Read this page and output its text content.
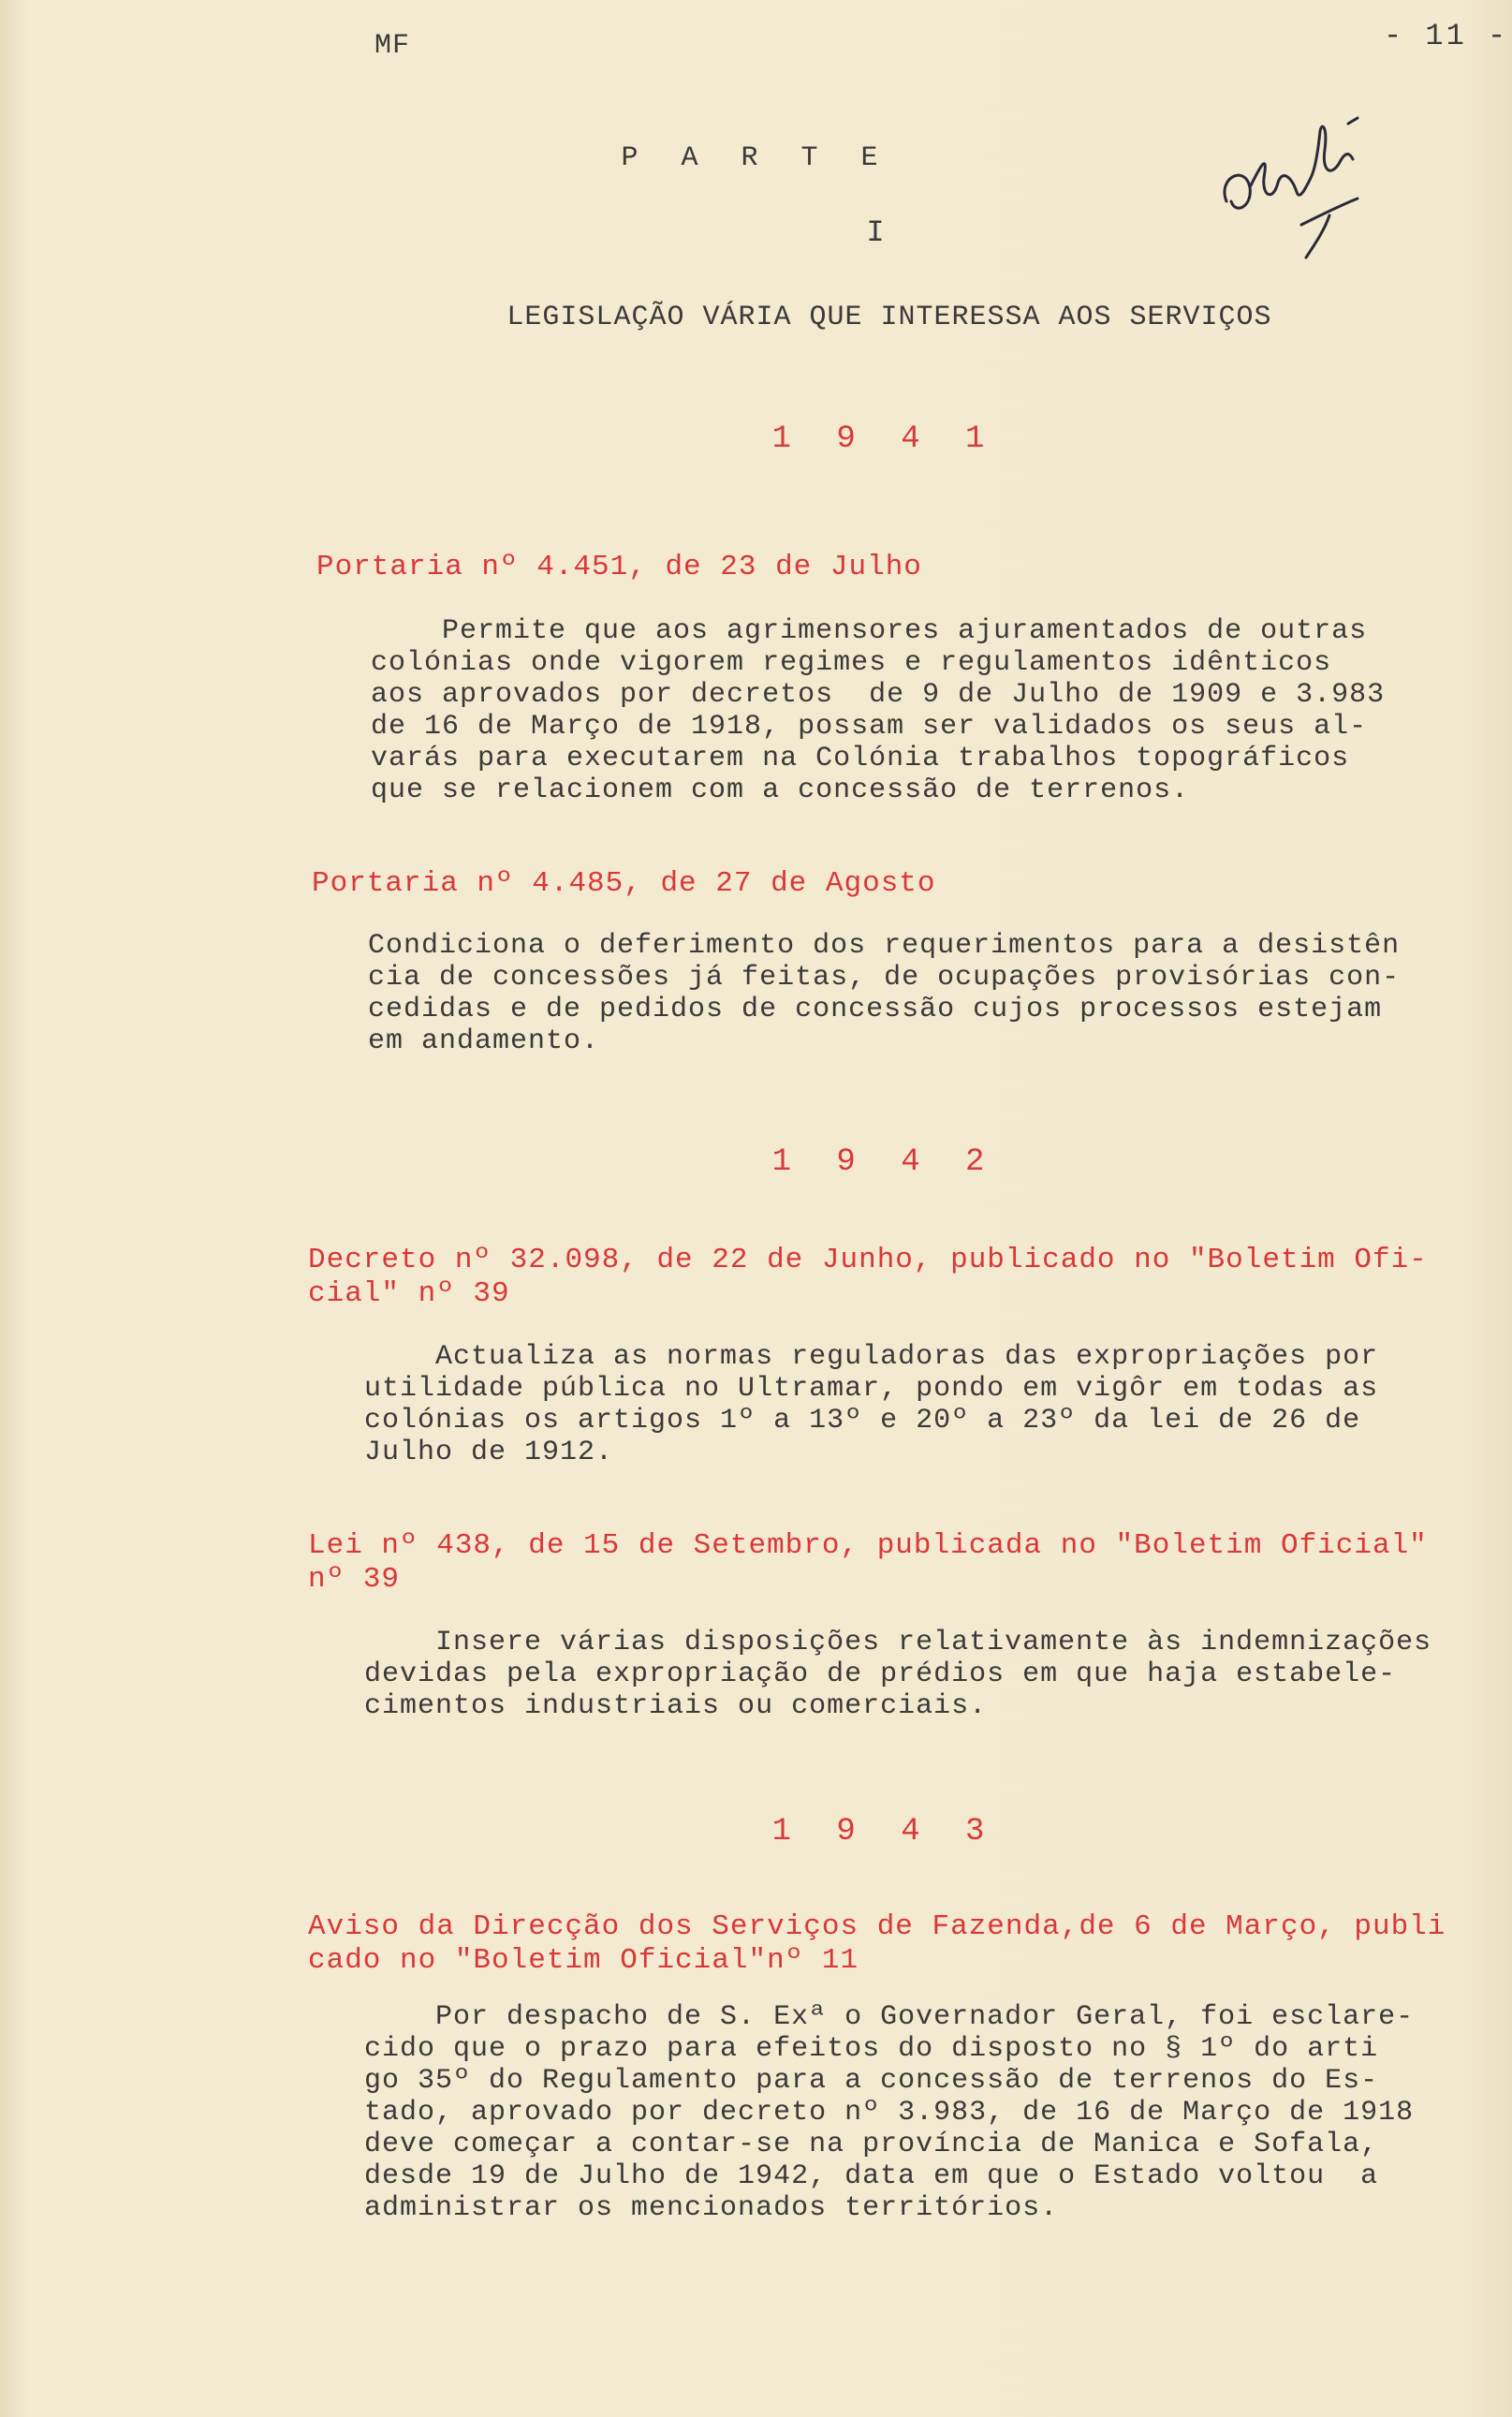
MF	- 11 -
P A R T E
I
LEGISLAÇÃO VÁRIA QUE INTERESSA AOS SERVIÇOS
1 9 4 1
Portaria nº 4.451, de 23 de Julho
Permite que aos agrimensores ajuramentados de outras
colónias onde vigorem regimes e regulamentos idênticos
aos aprovados por decretos  de 9 de Julho de 1909 e 3.983
de 16 de Março de 1918, possam ser validados os seus al-
varás para executarem na Colónia trabalhos topográficos
que se relacionem com a concessão de terrenos.
Portaria nº 4.485, de 27 de Agosto
Condiciona o deferimento dos requerimentos para a desistên
cia de concessões já feitas, de ocupações provisórias con-
cedidas e de pedidos de concessão cujos processos estejam
em andamento.
1 9 4 2
Decreto nº 32.098, de 22 de Junho, publicado no "Boletim Ofi-
cial" nº 39
Actualiza as normas reguladoras das expropriações por
utilidade pública no Ultramar, pondo em vigôr em todas as
colónias os artigos 1º a 13º e 20º a 23º da lei de 26 de
Julho de 1912.
Lei nº 438, de 15 de Setembro, publicada no "Boletim Oficial"
nº 39
Insere várias disposições relativamente às indemnizações
devidas pela expropriação de prédios em que haja estabele-
cimentos industriais ou comerciais.
1 9 4 3
Aviso da Direcção dos Serviços de Fazenda,de 6 de Março, publi
cado no "Boletim Oficial"nº 11
Por despacho de S. Exª o Governador Geral, foi esclare-
cido que o prazo para efeitos do disposto no § 1º do arti
go 35º do Regulamento para a concessão de terrenos do Es-
tado, aprovado por decreto nº 3.983, de 16 de Março de 1918
deve começar a contar-se na província de Manica e Sofala,
desde 19 de Julho de 1942, data em que o Estado voltou  a
administrar os mencionados territórios.
